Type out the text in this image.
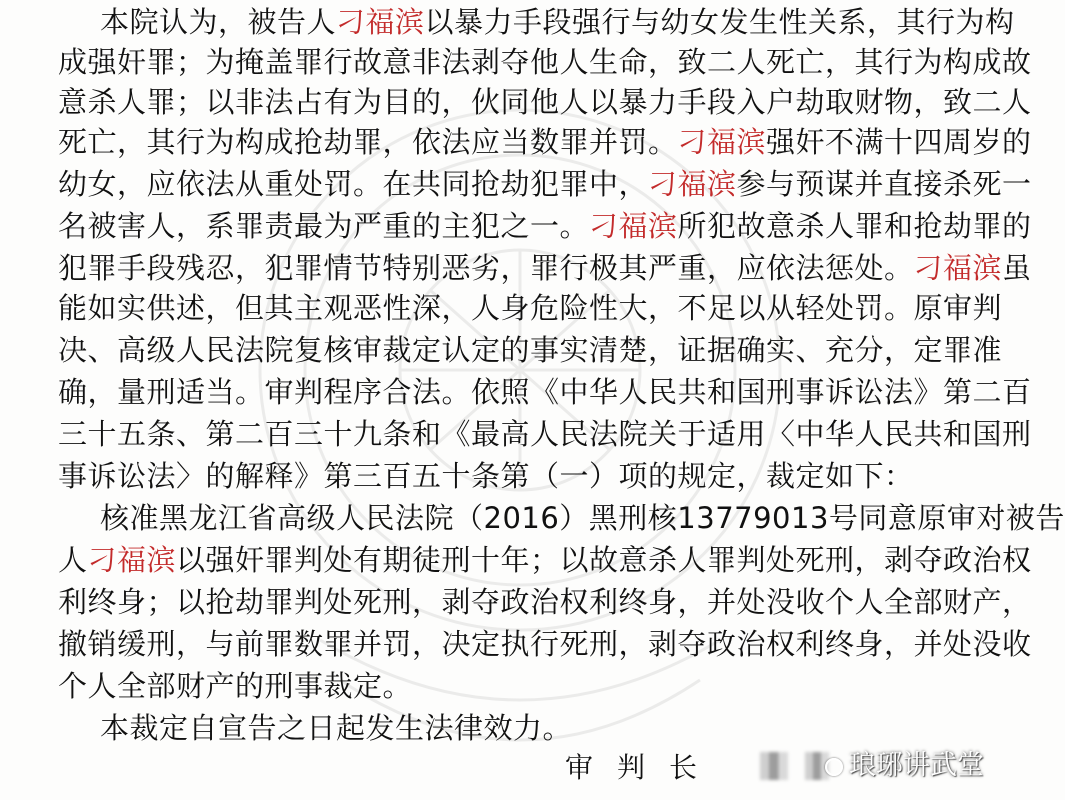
本院认为，被告人刁福滨以暴力手段强行与幼女发生性关系，其行为构
成强奸罪；为掩盖罪行故意非法剥夺他人生命，致二人死亡，其行为构成故
意杀人罪；以非法占有为目的，伙同他人以暴力手段入户劫取财物，致二人
死亡，其行为构成抢劫罪，依法应当数罪并罚。刁福滨强奸不满十四周岁的
幼女，应依法从重处罚。在共同抢劫犯罪中，刁福滨参与预谋并直接杀死一
名被害人，系罪责最为严重的主犯之一。刁福滨所犯故意杀人罪和抢劫罪的
犯罪手段残忍，犯罪情节特别恶劣，罪行极其严重，应依法惩处。刁福滨虽
能如实供述，但其主观恶性深，人身危险性大，不足以从轻处罚。原审判
决、高级人民法院复核审裁定认定的事实清楚，证据确实、充分，定罪准
确，量刑适当。审判程序合法。依照《中华人民共和国刑事诉讼法》第二百
三十五条、第二百三十九条和《最高人民法院关于适用〈中华人民共和国刑
事诉讼法〉的解释》第三百五十条第（一）项的规定，裁定如下：
核准黑龙江省高级人民法院（2016）黑刑核13779013号同意原审对被告
人刁福滨以强奸罪判处有期徒刑十年；以故意杀人罪判处死刑，剥夺政治权
利终身；以抢劫罪判处死刑，剥夺政治权利终身，并处没收个人全部财产，
撤销缓刑，与前罪数罪并罚，决定执行死刑，剥夺政治权利终身，并处没收
个人全部财产的刑事裁定。
本裁定自宣告之日起发生法律效力。
审判长	琅琊讲武堂
